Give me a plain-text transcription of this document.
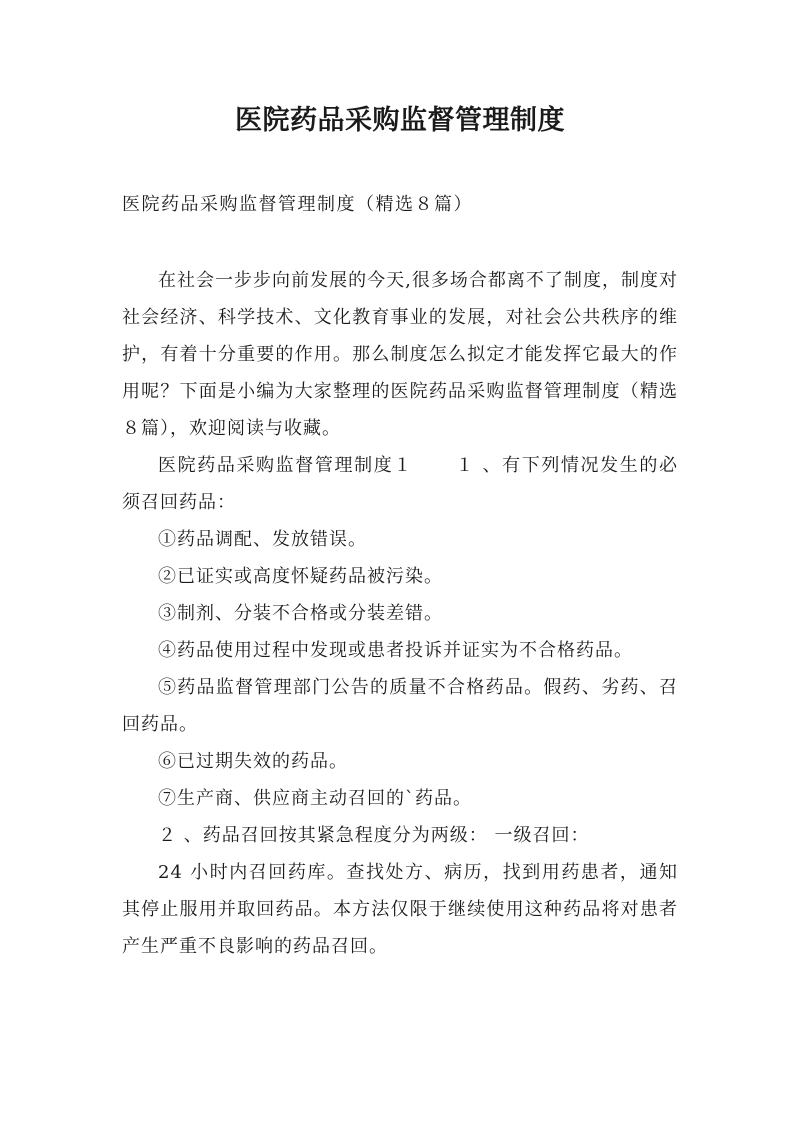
医院药品采购监督管理制度

医院药品采购监督管理制度（精选８篇）

在社会一步步向前发展的今天,很多场合都离不了制度，制度对社会经济、科学技术、文化教育事业的发展，对社会公共秩序的维护，有着十分重要的作用。那么制度怎么拟定才能发挥它最大的作用呢？下面是小编为大家整理的医院药品采购监督管理制度（精选８篇），欢迎阅读与收藏。

医院药品采购监督管理制度１ １ 、有下列情况发生的必须召回药品：

①药品调配、发放错误。

②已证实或高度怀疑药品被污染。

③制剂、分装不合格或分装差错。

④药品使用过程中发现或患者投诉并证实为不合格药品。

⑤药品监督管理部门公告的质量不合格药品。假药、劣药、召回药品。

⑥已过期失效的药品。

⑦生产商、供应商主动召回的`药品。

２ 、药品召回按其紧急程度分为两级： 一级召回：

24 小时内召回药库。查找处方、病历，找到用药患者，通知其停止服用并取回药品。本方法仅限于继续使用这种药品将对患者产生严重不良影响的药品召回。
